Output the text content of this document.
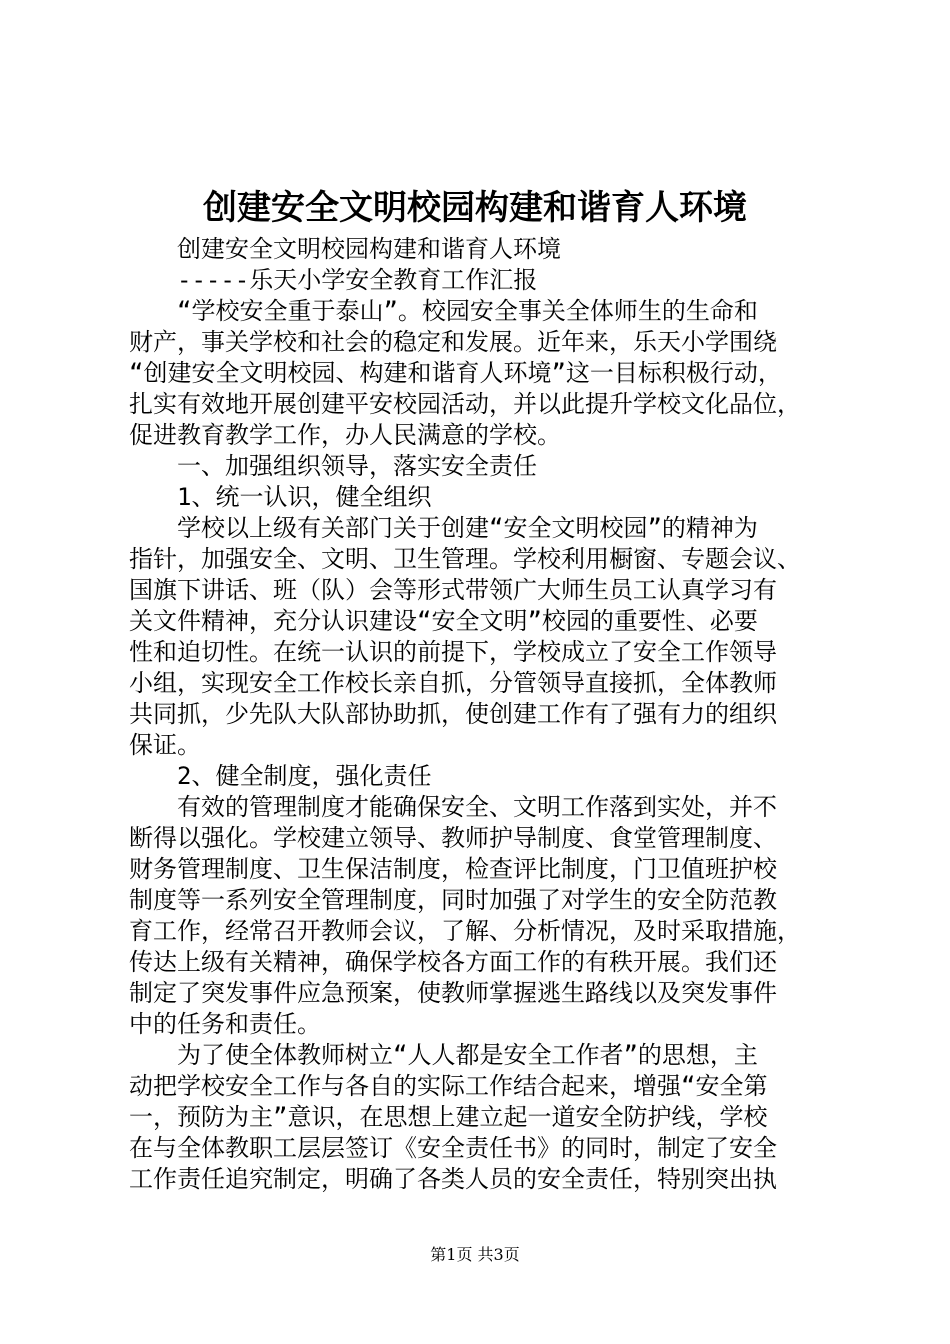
创建安全文明校园构建和谐育人环境
　　创建安全文明校园构建和谐育人环境
　　-----乐天小学安全教育工作汇报
　　“学校安全重于泰山”。校园安全事关全体师生的生命和
财产，事关学校和社会的稳定和发展。近年来，乐天小学围绕
“创建安全文明校园、构建和谐育人环境”这一目标积极行动，
扎实有效地开展创建平安校园活动，并以此提升学校文化品位，
促进教育教学工作，办人民满意的学校。
　　一、加强组织领导，落实安全责任
　　1、统一认识，健全组织
　　学校以上级有关部门关于创建“安全文明校园”的精神为
指针，加强安全、文明、卫生管理。学校利用橱窗、专题会议、
国旗下讲话、班（队）会等形式带领广大师生员工认真学习有
关文件精神，充分认识建设“安全文明”校园的重要性、必要
性和迫切性。在统一认识的前提下，学校成立了安全工作领导
小组，实现安全工作校长亲自抓，分管领导直接抓，全体教师
共同抓，少先队大队部协助抓，使创建工作有了强有力的组织
保证。
　　2、健全制度，强化责任
　　有效的管理制度才能确保安全、文明工作落到实处，并不
断得以强化。学校建立领导、教师护导制度、食堂管理制度、
财务管理制度、卫生保洁制度，检查评比制度，门卫值班护校
制度等一系列安全管理制度，同时加强了对学生的安全防范教
育工作，经常召开教师会议，了解、分析情况，及时采取措施，
传达上级有关精神，确保学校各方面工作的有秩开展。我们还
制定了突发事件应急预案，使教师掌握逃生路线以及突发事件
中的任务和责任。
　　为了使全体教师树立“人人都是安全工作者”的思想，主
动把学校安全工作与各自的实际工作结合起来，增强“安全第
一，预防为主”意识，在思想上建立起一道安全防护线，学校
在与全体教职工层层签订《安全责任书》的同时，制定了安全
工作责任追究制定，明确了各类人员的安全责任，特别突出执
第1页 共3页
